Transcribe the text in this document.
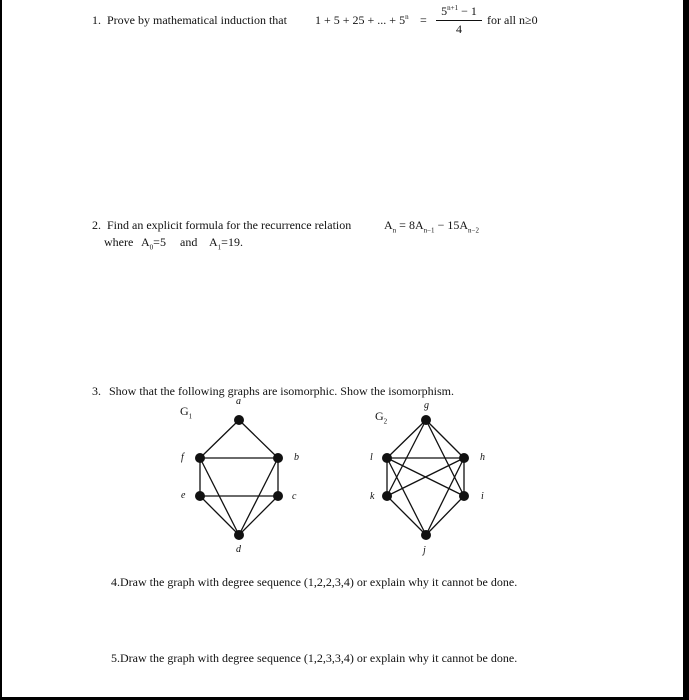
1. Prove by mathematical induction that 1 + 5 + 25 + ... + $5^n$ =
$5^{n+1} - 1$
4
for all n≥0
2. Find an explicit formula for the recurrence relation	$A_n = 8A_{n-1} - 15A_{n-2}$
where $A_0=5$ and $A_1=19$.
3. Show that the following graphs are isomorphic. Show the isomorphism.
$G_1$	$G_2$
a
b
c
d
e
f
g
h
i
j
k
l
4.Draw the graph with degree sequence (1,2,2,3,4) or explain why it cannot be done.
5.Draw the graph with degree sequence (1,2,3,3,4) or explain why it cannot be done.
